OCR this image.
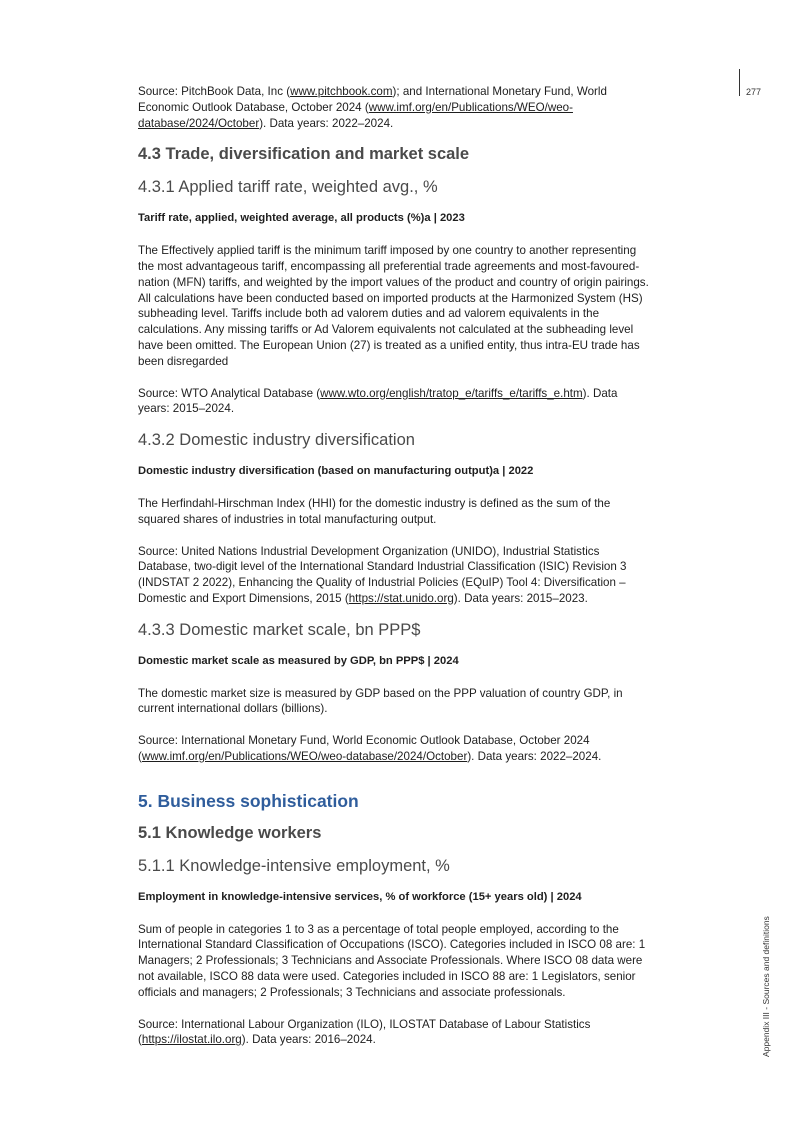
277
Appendix III - Sources and definitions

Source: PitchBook Data, Inc (www.pitchbook.com); and International Monetary Fund, World Economic Outlook Database, October 2024 (www.imf.org/en/Publications/WEO/weo-database/2024/October). Data years: 2022–2024.

4.3 Trade, diversification and market scale
4.3.1 Applied tariff rate, weighted avg., %

Tariff rate, applied, weighted average, all products (%)a | 2023

The Effectively applied tariff is the minimum tariff imposed by one country to another representing the most advantageous tariff, encompassing all preferential trade agreements and most-favoured-nation (MFN) tariffs, and weighted by the import values of the product and country of origin pairings. All calculations have been conducted based on imported products at the Harmonized System (HS) subheading level. Tariffs include both ad valorem duties and ad valorem equivalents in the calculations. Any missing tariffs or Ad Valorem equivalents not calculated at the subheading level have been omitted. The European Union (27) is treated as a unified entity, thus intra-EU trade has been disregarded

Source: WTO Analytical Database (www.wto.org/english/tratop_e/tariffs_e/tariffs_e.htm). Data years: 2015–2024.

4.3.2 Domestic industry diversification

Domestic industry diversification (based on manufacturing output)a | 2022

The Herfindahl-Hirschman Index (HHI) for the domestic industry is defined as the sum of the squared shares of industries in total manufacturing output.

Source: United Nations Industrial Development Organization (UNIDO), Industrial Statistics Database, two-digit level of the International Standard Industrial Classification (ISIC) Revision 3 (INDSTAT 2 2022), Enhancing the Quality of Industrial Policies (EQuIP) Tool 4: Diversification – Domestic and Export Dimensions, 2015 (https://stat.unido.org). Data years: 2015–2023.

4.3.3 Domestic market scale, bn PPP$

Domestic market scale as measured by GDP, bn PPP$ | 2024

The domestic market size is measured by GDP based on the PPP valuation of country GDP, in current international dollars (billions).

Source: International Monetary Fund, World Economic Outlook Database, October 2024 (www.imf.org/en/Publications/WEO/weo-database/2024/October). Data years: 2022–2024.

5. Business sophistication
5.1 Knowledge workers
5.1.1 Knowledge-intensive employment, %

Employment in knowledge-intensive services, % of workforce (15+ years old) | 2024

Sum of people in categories 1 to 3 as a percentage of total people employed, according to the International Standard Classification of Occupations (ISCO). Categories included in ISCO 08 are: 1 Managers; 2 Professionals; 3 Technicians and Associate Professionals. Where ISCO 08 data were not available, ISCO 88 data were used. Categories included in ISCO 88 are: 1 Legislators, senior officials and managers; 2 Professionals; 3 Technicians and associate professionals.

Source: International Labour Organization (ILO), ILOSTAT Database of Labour Statistics (https://ilostat.ilo.org). Data years: 2016–2024.
